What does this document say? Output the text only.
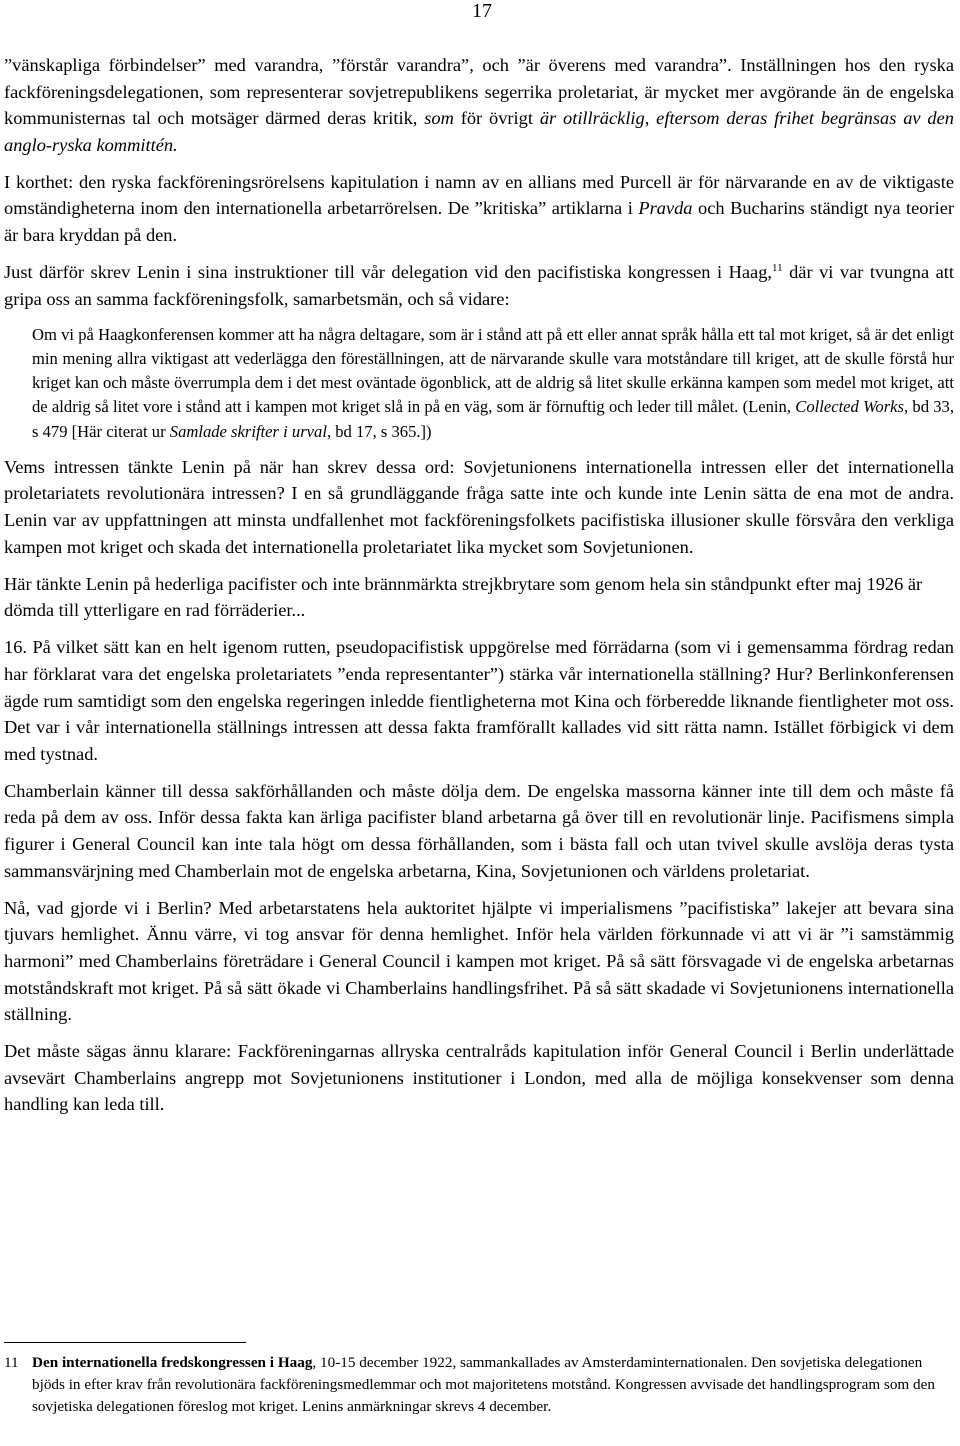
17

”vänskapliga förbindelser” med varandra, ”förstår varandra”, och ”är överens med varandra”. Inställningen hos den ryska fackföreningsdelegationen, som representerar sovjetrepublikens segerrika proletariat, är mycket mer avgörande än de engelska kommunisternas tal och motsäger därmed deras kritik, som för övrigt är otillräcklig, eftersom deras frihet begränsas av den anglo-ryska kommittén.

I korthet: den ryska fackföreningsrörelsens kapitulation i namn av en allians med Purcell är för närvarande en av de viktigaste omständigheterna inom den internationella arbetarrörelsen. De ”kritiska” artiklarna i Pravda och Bucharins ständigt nya teorier är bara kryddan på den.

Just därför skrev Lenin i sina instruktioner till vår delegation vid den pacifistiska kongressen i Haag,$^{11}$ där vi var tvungna att gripa oss an samma fackföreningsfolk, samarbetsmän, och så vidare:

Om vi på Haagkonferensen kommer att ha några deltagare, som är i stånd att på ett eller annat språk hålla ett tal mot kriget, så är det enligt min mening allra viktigast att vederlägga den föreställningen, att de närvarande skulle vara motståndare till kriget, att de skulle förstå hur kriget kan och måste överrumpla dem i det mest oväntade ögonblick, att de aldrig så litet skulle erkänna kampen som medel mot kriget, att de aldrig så litet vore i stånd att i kampen mot kriget slå in på en väg, som är förnuftig och leder till målet. (Lenin, Collected Works, bd 33, s 479 [Här citerat ur Samlade skrifter i urval, bd 17, s 365.])

Vems intressen tänkte Lenin på när han skrev dessa ord: Sovjetunionens internationella intressen eller det internationella proletariatets revolutionära intressen? I en så grundläggande fråga satte inte och kunde inte Lenin sätta de ena mot de andra. Lenin var av uppfattningen att minsta undfallenhet mot fackföreningsfolkets pacifistiska illusioner skulle försvåra den verkliga kampen mot kriget och skada det internationella proletariatet lika mycket som Sovjetunionen.

Här tänkte Lenin på hederliga pacifister och inte brännmärkta strejkbrytare som genom hela sin ståndpunkt efter maj 1926 är dömda till ytterligare en rad förräderier...

16. På vilket sätt kan en helt igenom rutten, pseudopacifistisk uppgörelse med förrädarna (som vi i gemensamma fördrag redan har förklarat vara det engelska proletariatets ”enda representanter”) stärka vår internationella ställning? Hur? Berlinkonferensen ägde rum samtidigt som den engelska regeringen inledde fientligheterna mot Kina och förberedde liknande fientligheter mot oss. Det var i vår internationella ställnings intressen att dessa fakta framförallt kallades vid sitt rätta namn. Istället förbigick vi dem med tystnad.

Chamberlain känner till dessa sakförhållanden och måste dölja dem. De engelska massorna känner inte till dem och måste få reda på dem av oss. Inför dessa fakta kan ärliga pacifister bland arbetarna gå över till en revolutionär linje. Pacifismens simpla figurer i General Council kan inte tala högt om dessa förhållanden, som i bästa fall och utan tvivel skulle avslöja deras tysta sammansvärjning med Chamberlain mot de engelska arbetarna, Kina, Sovjetunionen och världens proletariat.

Nå, vad gjorde vi i Berlin? Med arbetarstatens hela auktoritet hjälpte vi imperialismens ”pacifistiska” lakejer att bevara sina tjuvars hemlighet. Ännu värre, vi tog ansvar för denna hemlighet. Inför hela världen förkunnade vi att vi är ”i samstämmig harmoni” med Chamberlains företrädare i General Council i kampen mot kriget. På så sätt försvagade vi de engelska arbetarnas motståndskraft mot kriget. På så sätt ökade vi Chamberlains handlingsfrihet. På så sätt skadade vi Sovjetunionens internationella ställning.

Det måste sägas ännu klarare: Fackföreningarnas allryska centralråds kapitulation inför General Council i Berlin underlättade avsevärt Chamberlains angrepp mot Sovjetunionens institutioner i London, med alla de möjliga konsekvenser som denna handling kan leda till.

11 Den internationella fredskongressen i Haag, 10-15 december 1922, sammankallades av Amsterdaminternationalen. Den sovjetiska delegationen bjöds in efter krav från revolutionära fackföreningsmedlemmar och mot majoritetens motstånd. Kongressen avvisade det handlingsprogram som den sovjetiska delegationen föreslog mot kriget. Lenins anmärkningar skrevs 4 december.
